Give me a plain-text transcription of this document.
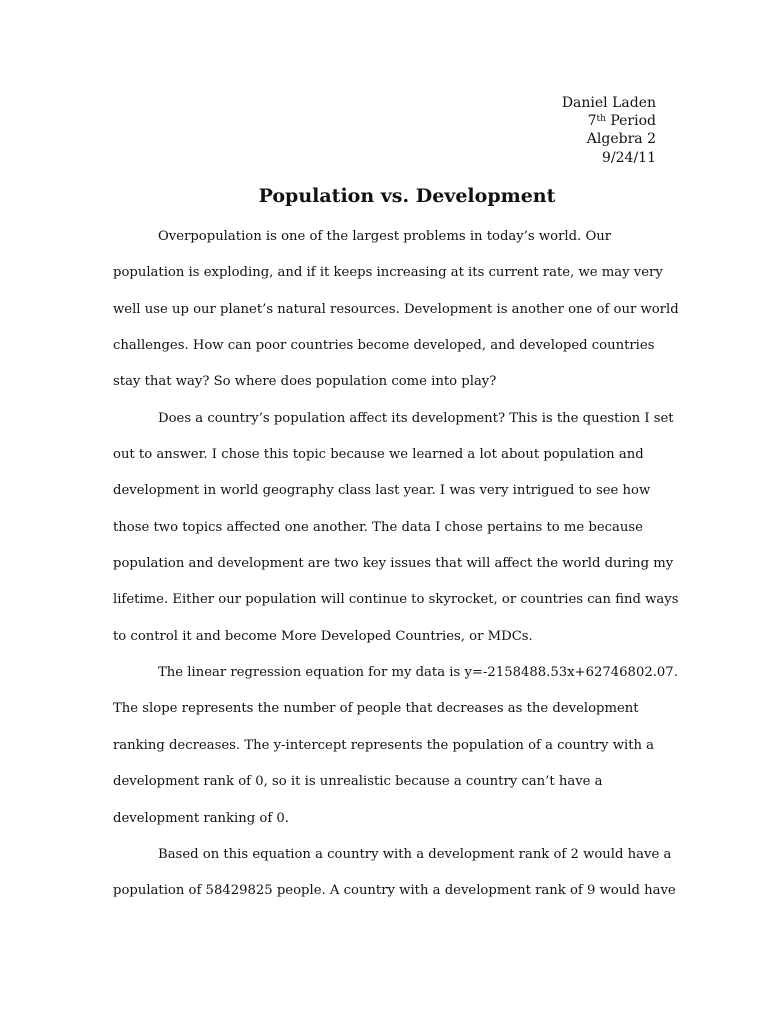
Daniel Laden
7th Period
Algebra 2
9/24/11
Population vs. Development
Overpopulation is one of the largest problems in today’s world. Our
population is exploding, and if it keeps increasing at its current rate, we may very
well use up our planet’s natural resources. Development is another one of our world
challenges. How can poor countries become developed, and developed countries
stay that way? So where does population come into play?
Does a country’s population affect its development? This is the question I set
out to answer. I chose this topic because we learned a lot about population and
development in world geography class last year. I was very intrigued to see how
those two topics affected one another. The data I chose pertains to me because
population and development are two key issues that will affect the world during my
lifetime. Either our population will continue to skyrocket, or countries can find ways
to control it and become More Developed Countries, or MDCs.
The linear regression equation for my data is y=-2158488.53x+62746802.07.
The slope represents the number of people that decreases as the development
ranking decreases. The y-intercept represents the population of a country with a
development rank of 0, so it is unrealistic because a country can’t have a
development ranking of 0.
Based on this equation a country with a development rank of 2 would have a
population of 58429825 people. A country with a development rank of 9 would have
